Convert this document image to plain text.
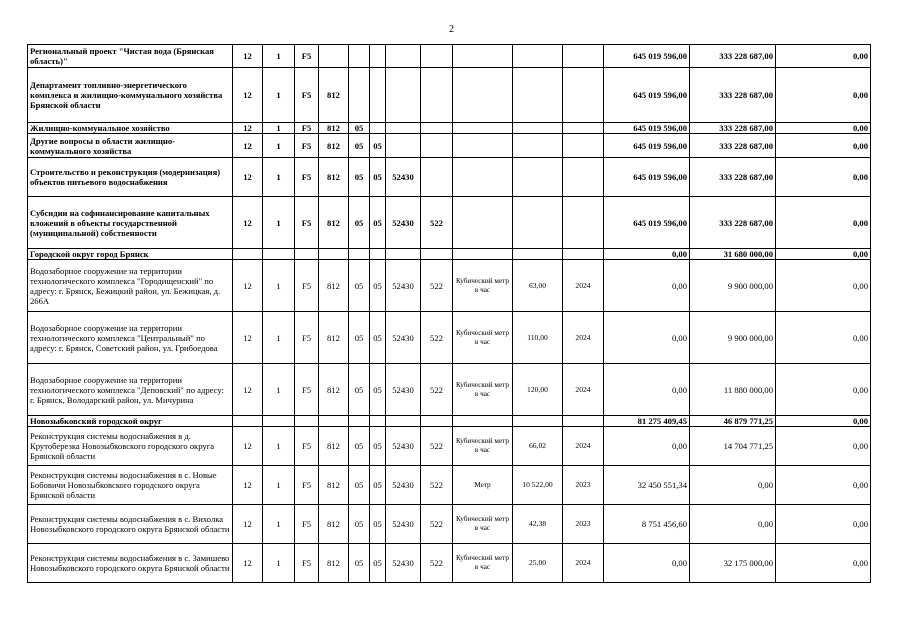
2
Региональный проект "Чистая вода (Брянская область)"	12	1	F5									645 019 596,00	333 228 687,00	0,00
Департамент топливно-энергетического комплекса и жилищно-коммунального хозяйства Брянской области	12	1	F5	812								645 019 596,00	333 228 687,00	0,00
Жилищно-коммунальное хозяйство	12	1	F5	812	05							645 019 596,00	333 228 687,00	0,00
Другие вопросы в области жилищно-коммунального хозяйства	12	1	F5	812	05	05						645 019 596,00	333 228 687,00	0,00
Строительство и реконструкция (модернизация) объектов питьевого водоснабжения	12	1	F5	812	05	05	52430					645 019 596,00	333 228 687,00	0,00
Субсидии на софинансирование капитальных вложений в объекты государственной (муниципальной) собственности	12	1	F5	812	05	05	52430	522				645 019 596,00	333 228 687,00	0,00
Городской округ город Брянск												0,00	31 680 000,00	0,00
Водозаборное сооружение на территории технологического комплекса "Городищенский" по адресу: г. Брянск, Бежицкий район, ул. Бежицкая, д. 266А	12	1	F5	812	05	05	52430	522	Кубический метр в час	63,00	2024	0,00	9 900 000,00	0,00
Водозаборное сооружение на территории технологического комплекса "Центральный" по адресу: г. Брянск, Советский район, ул. Грибоедова	12	1	F5	812	05	05	52430	522	Кубический метр в час	110,00	2024	0,00	9 900 000,00	0,00
Водозаборное сооружение на территории технологического комплекса "Деповский" по адресу: г. Брянск, Володарский район, ул. Мичурина	12	1	F5	812	05	05	52430	522	Кубический метр в час	120,00	2024	0,00	11 880 000,00	0,00
Новозыбковский городской округ												81 275 409,45	46 879 771,25	0,00
Реконструкция системы водоснабжения в д. Крутоберезка Новозыбковского городского округа Брянской области	12	1	F5	812	05	05	52430	522	Кубический метр в час	66,02	2024	0,00	14 704 771,25	0,00
Реконструкция системы водоснабжения в с. Новые Бобовичи Новозыбковского городского округа Брянской области	12	1	F5	812	05	05	52430	522	Метр	10 522,00	2023	32 450 551,34	0,00	0,00
Реконструкция системы водоснабжения в с. Вихолка Новозыбковского городского округа Брянской области	12	1	F5	812	05	05	52430	522	Кубический метр в час	42,38	2023	8 751 456,60	0,00	0,00
Реконструкция системы водоснабжения в с. Замишево Новозыбковского городского округа Брянской области	12	1	F5	812	05	05	52430	522	Кубический метр в час	25,00	2024	0,00	32 175 000,00	0,00
